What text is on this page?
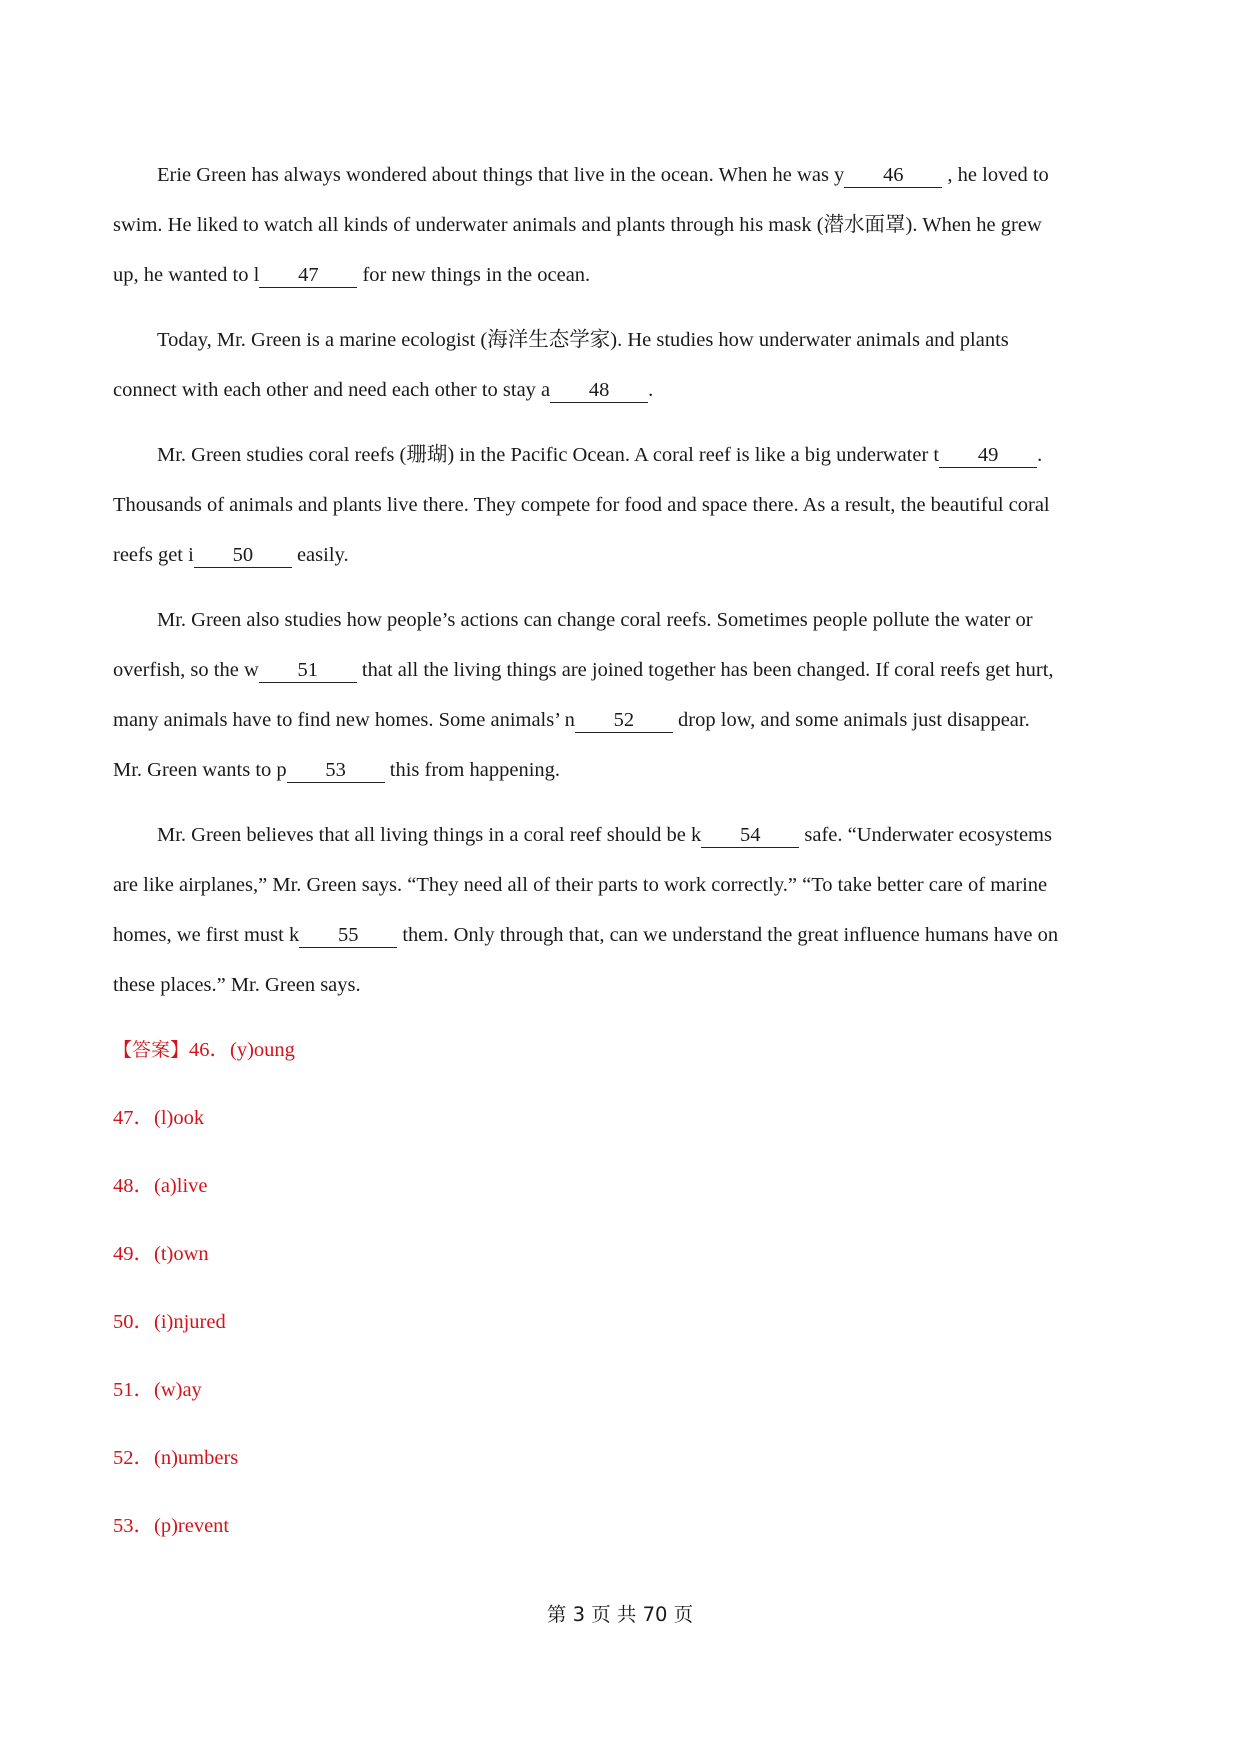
Erie Green has always wondered about things that live in the ocean. When he was y 46 , he loved to
swim. He liked to watch all kinds of underwater animals and plants through his mask (潜水面罩). When he grew
up, he wanted to l 47 for new things in the ocean.
Today, Mr. Green is a marine ecologist (海洋生态学家). He studies how underwater animals and plants
connect with each other and need each other to stay a 48 .
Mr. Green studies coral reefs (珊瑚) in the Pacific Ocean. A coral reef is like a big underwater t 49 .
Thousands of animals and plants live there. They compete for food and space there. As a result, the beautiful coral
reefs get i 50 easily.
Mr. Green also studies how people’s actions can change coral reefs. Sometimes people pollute the water or
overfish, so the w 51 that all the living things are joined together has been changed. If coral reefs get hurt,
many animals have to find new homes. Some animals’ n 52 drop low, and some animals just disappear.
Mr. Green wants to p 53 this from happening.
Mr. Green believes that all living things in a coral reef should be k 54 safe. “Underwater ecosystems
are like airplanes,” Mr. Green says. “They need all of their parts to work correctly.” “To take better care of marine
homes, we first must k 55 them. Only through that, can we understand the great influence humans have on
these places.” Mr. Green says.
【答案】46．(y)oung
47．(l)ook
48．(a)live
49．(t)own
50．(i)njured
51．(w)ay
52．(n)umbers
53．(p)revent
第 3 页 共 70 页
